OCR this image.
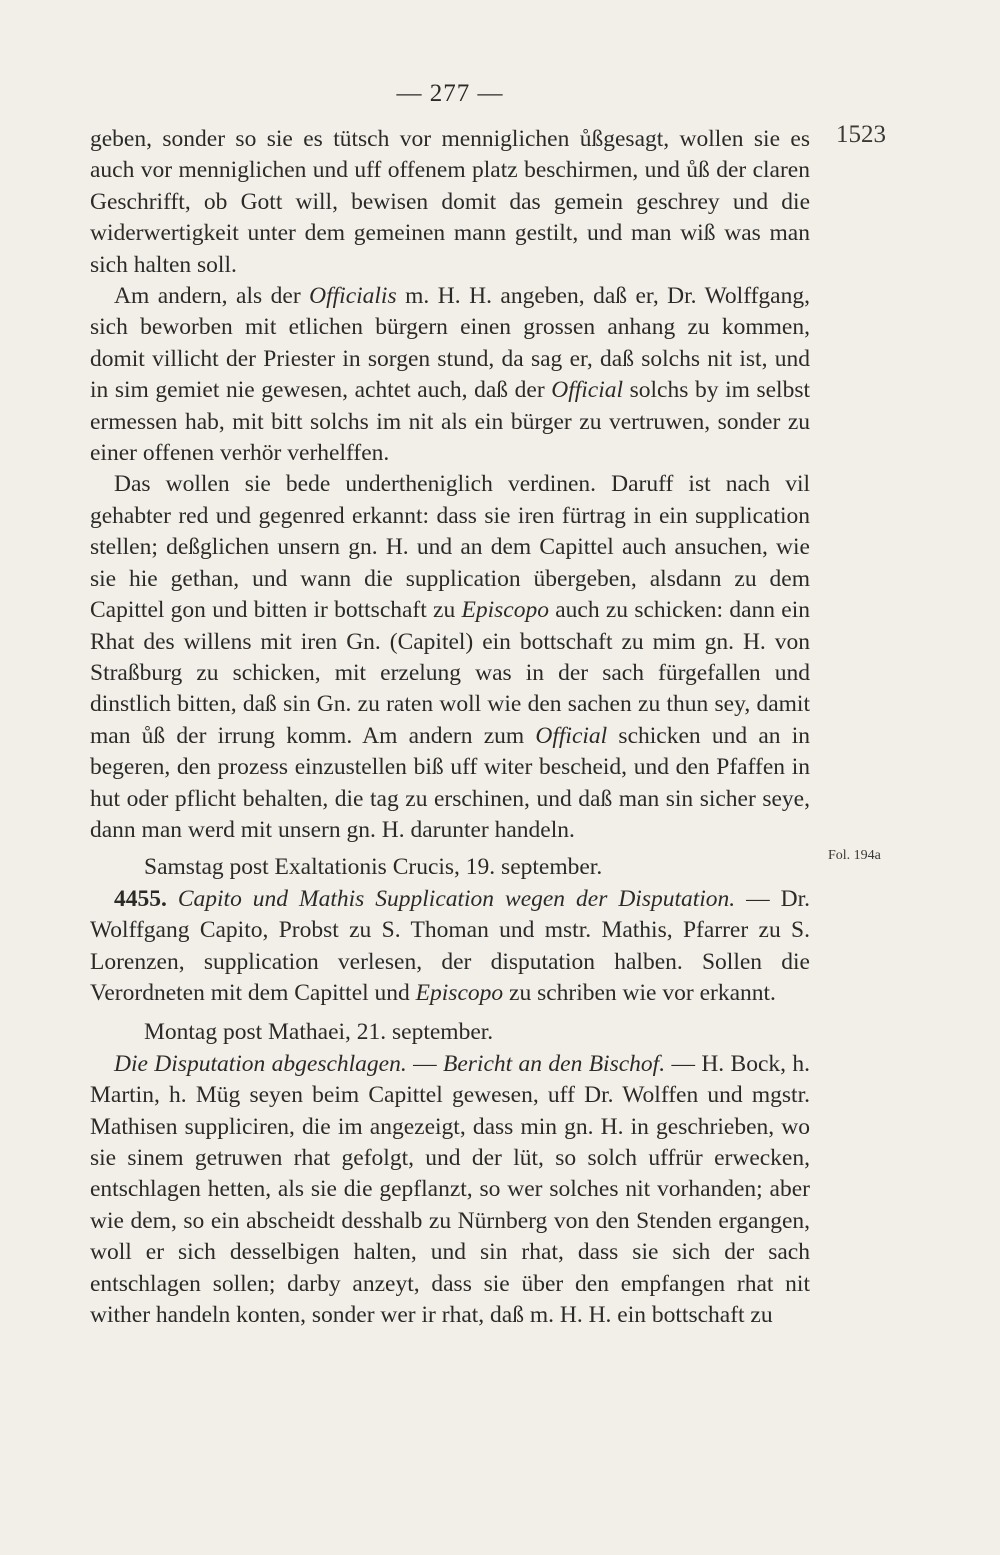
— 277 —
1523
Fol. 194a

geben, sonder so sie es tütsch vor menniglichen ůßgesagt, wollen sie es auch vor menniglichen und uff offenem platz beschirmen, und ůß der claren Geschrifft, ob Gott will, bewisen domit das gemein geschrey und die widerwertigkeit unter dem gemeinen mann gestilt, und man wiß was man sich halten soll.

Am andern, als der Officialis m. H. H. angeben, daß er, Dr. Wolffgang, sich beworben mit etlichen bürgern einen grossen anhang zu kommen, domit villicht der Priester in sorgen stund, da sag er, daß solchs nit ist, und in sim gemiet nie gewesen, achtet auch, daß der Official solchs by im selbst ermessen hab, mit bitt solchs im nit als ein bürger zu vertruwen, sonder zu einer offenen verhör verhelffen.

Das wollen sie bede undertheniglich verdinen. Daruff ist nach vil gehabter red und gegenred erkannt: dass sie iren fürtrag in ein supplication stellen; deßglichen unsern gn. H. und an dem Capittel auch ansuchen, wie sie hie gethan, und wann die supplication übergeben, alsdann zu dem Capittel gon und bitten ir bottschaft zu Episcopo auch zu schicken: dann ein Rhat des willens mit iren Gn. (Capitel) ein bottschaft zu mim gn. H. von Straßburg zu schicken, mit erzelung was in der sach fürgefallen und dinstlich bitten, daß sin Gn. zu raten woll wie den sachen zu thun sey, damit man ůß der irrung komm. Am andern zum Official schicken und an in begeren, den prozess einzustellen biß uff witer bescheid, und den Pfaffen in hut oder pflicht behalten, die tag zu erschinen, und daß man sin sicher seye, dann man werd mit unsern gn. H. darunter handeln.

Samstag post Exaltationis Crucis, 19. september.

4455. Capito und Mathis Supplication wegen der Disputation. — Dr. Wolffgang Capito, Probst zu S. Thoman und mstr. Mathis, Pfarrer zu S. Lorenzen, supplication verlesen, der disputation halben. Sollen die Verordneten mit dem Capittel und Episcopo zu schriben wie vor erkannt.

Montag post Mathaei, 21. september.

Die Disputation abgeschlagen. — Bericht an den Bischof. — H. Bock, h. Martin, h. Müg seyen beim Capittel gewesen, uff Dr. Wolffen und mgstr. Mathisen suppliciren, die im angezeigt, dass min gn. H. in geschrieben, wo sie sinem getruwen rhat gefolgt, und der lüt, so solch uffrür erwecken, entschlagen hetten, als sie die gepflanzt, so wer solches nit vorhanden; aber wie dem, so ein abscheidt desshalb zu Nürnberg von den Stenden ergangen, woll er sich desselbigen halten, und sin rhat, dass sie sich der sach entschlagen sollen; darby anzeyt, dass sie über den empfangen rhat nit wither handeln konten, sonder wer ir rhat, daß m. H. H. ein bottschaft zu
